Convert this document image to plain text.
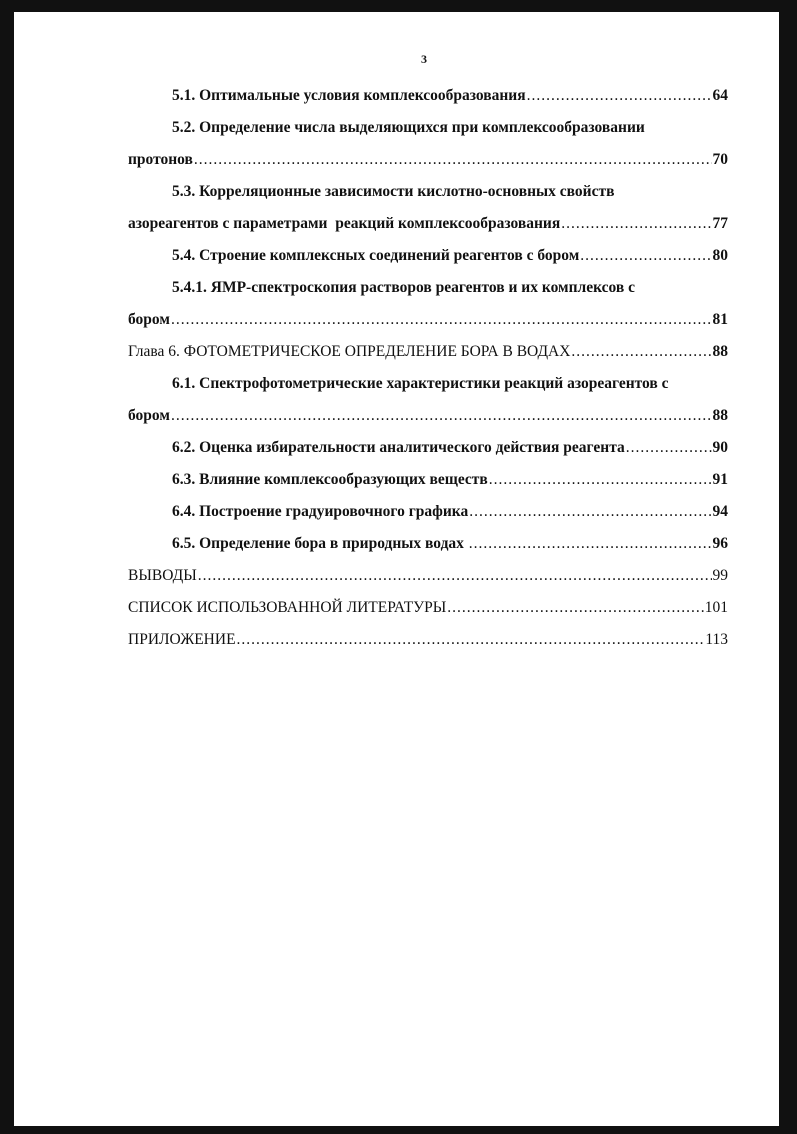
3
5.1. Оптимальные условия комплексообразования .....	64
5.2. Определение числа выделяющихся при комплексообразовании
протонов .....	70
5.3. Корреляционные зависимости кислотно-основных свойств
азореагентов с параметрами  реакций комплексообразования .....	77
5.4. Строение комплексных соединений реагентов с бором .....	80
5.4.1. ЯМР-спектроскопия растворов реагентов и их комплексов с
бором .....	81
Глава 6. ФОТОМЕТРИЧЕСКОЕ ОПРЕДЕЛЕНИЕ БОРА В ВОДАХ .....	88
6.1. Спектрофотометрические характеристики реакций азореагентов с
бором .....	88
6.2. Оценка избирательности аналитического действия реагента .....	90
6.3. Влияние комплексообразующих веществ .....	91
6.4. Построение градуировочного графика .....	94
6.5. Определение бора в природных водах .....	96
ВЫВОДЫ .....	99
СПИСОК ИСПОЛЬЗОВАННОЙ ЛИТЕРАТУРЫ .....	101
ПРИЛОЖЕНИЕ .....	113
